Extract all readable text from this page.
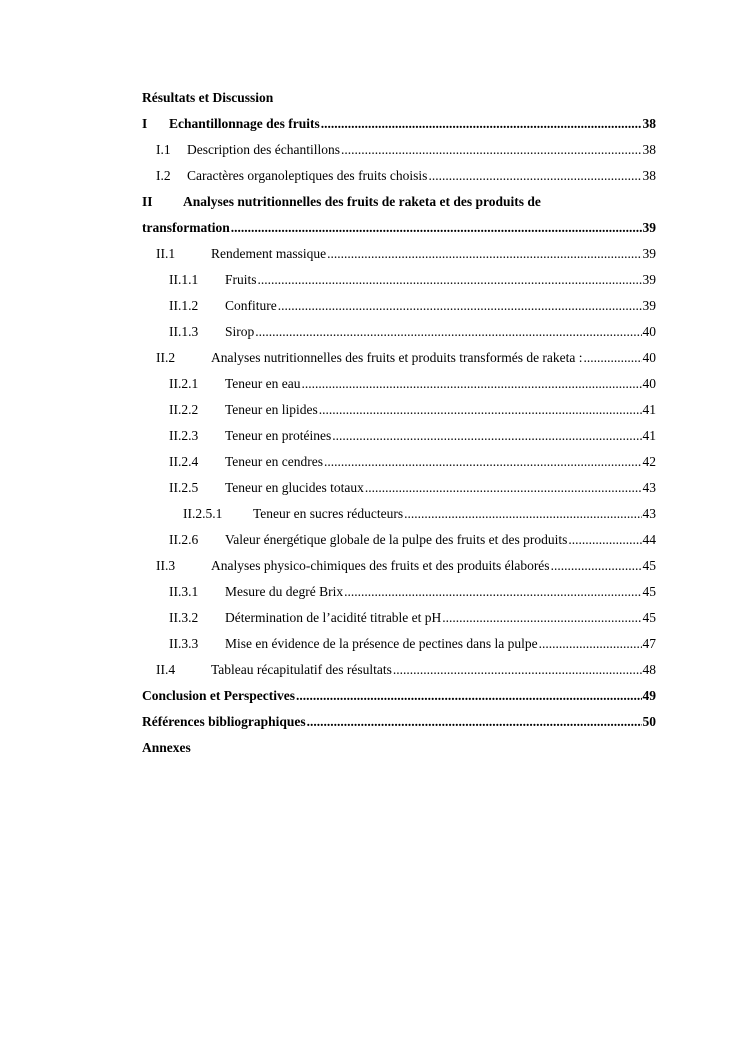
Résultats et Discussion
I	Echantillonnage des fruits .....	38
I.1	Description des échantillons .....	38
I.2	Caractères organoleptiques des fruits choisis .....	38
II Analyses nutritionnelles des fruits de raketa et des produits de
transformation .....	39
II.1	Rendement massique .....	39
II.1.1	Fruits .....	39
II.1.2	Confiture .....	39
II.1.3	Sirop .....	40
II.2	Analyses nutritionnelles des fruits et produits transformés de raketa : .....	40
II.2.1	Teneur en eau .....	40
II.2.2	Teneur en lipides .....	41
II.2.3	Teneur en protéines .....	41
II.2.4	Teneur en cendres .....	42
II.2.5	Teneur en glucides totaux .....	43
II.2.5.1	Teneur en sucres réducteurs .....	43
II.2.6	Valeur énergétique globale de la pulpe des fruits et des produits .....	44
II.3	Analyses physico-chimiques des fruits et des produits élaborés .....	45
II.3.1	Mesure du degré Brix .....	45
II.3.2	Détermination de l’acidité titrable et pH .....	45
II.3.3	Mise en évidence de la présence de pectines dans la pulpe .....	47
II.4	Tableau récapitulatif des résultats .....	48
Conclusion et Perspectives .....	49
Références bibliographiques .....	50
Annexes
